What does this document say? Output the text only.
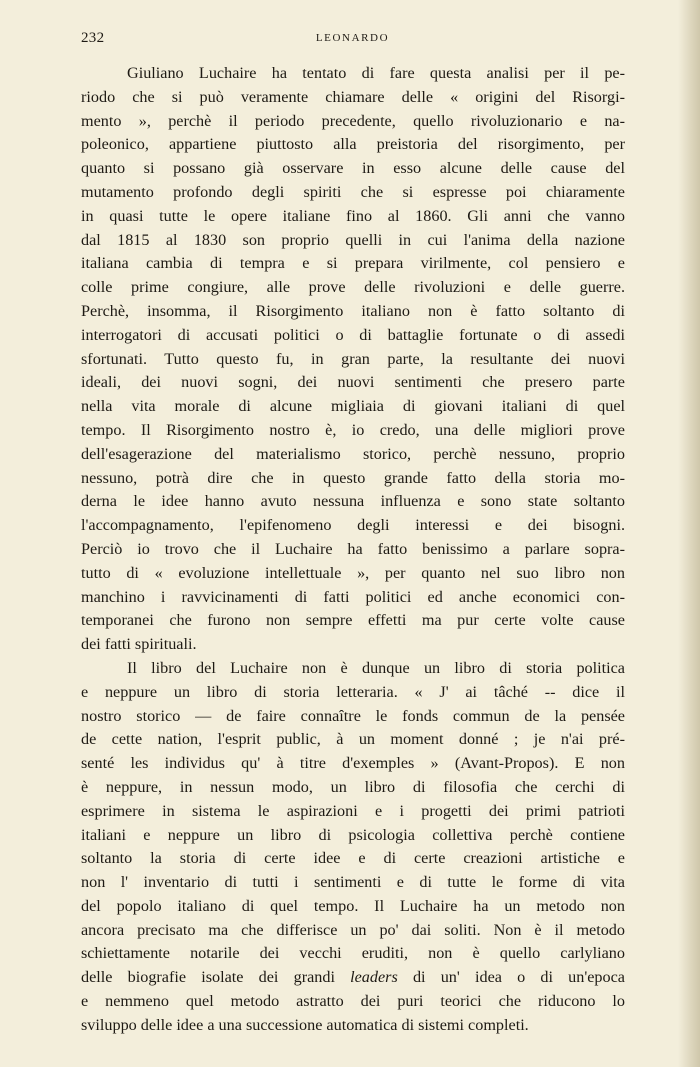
232	LEONARDO
Giuliano Luchaire ha tentato di fare questa analisi per il pe-
riodo che si può veramente chiamare delle « origini del Risorgi-
mento », perchè il periodo precedente, quello rivoluzionario e na-
poleonico, appartiene piuttosto alla preistoria del risorgimento, per
quanto si possano già osservare in esso alcune delle cause del
mutamento profondo degli spiriti che si espresse poi chiaramente
in quasi tutte le opere italiane fino al 1860. Gli anni che vanno
dal 1815 al 1830 son proprio quelli in cui l'anima della nazione
italiana cambia di tempra e si prepara virilmente, col pensiero e
colle prime congiure, alle prove delle rivoluzioni e delle guerre.
Perchè, insomma, il Risorgimento italiano non è fatto soltanto di
interrogatori di accusati politici o di battaglie fortunate o di assedi
sfortunati. Tutto questo fu, in gran parte, la resultante dei nuovi
ideali, dei nuovi sogni, dei nuovi sentimenti che presero parte
nella vita morale di alcune migliaia di giovani italiani di quel
tempo. Il Risorgimento nostro è, io credo, una delle migliori prove
dell'esagerazione del materialismo storico, perchè nessuno, proprio
nessuno, potrà dire che in questo grande fatto della storia mo-
derna le idee hanno avuto nessuna influenza e sono state soltanto
l'accompagnamento, l'epifenomeno degli interessi e dei bisogni.
Perciò io trovo che il Luchaire ha fatto benissimo a parlare sopra-
tutto di « evoluzione intellettuale », per quanto nel suo libro non
manchino i ravvicinamenti di fatti politici ed anche economici con-
temporanei che furono non sempre effetti ma pur certe volte cause
dei fatti spirituali.
Il libro del Luchaire non è dunque un libro di storia politica
e neppure un libro di storia letteraria. « J' ai tâché -- dice il
nostro storico — de faire connaître le fonds commun de la pensée
de cette nation, l'esprit public, à un moment donné ; je n'ai pré-
senté les individus qu' à titre d'exemples » (Avant-Propos). E non
è neppure, in nessun modo, un libro di filosofia che cerchi di
esprimere in sistema le aspirazioni e i progetti dei primi patrioti
italiani e neppure un libro di psicologia collettiva perchè contiene
soltanto la storia di certe idee e di certe creazioni artistiche e
non l' inventario di tutti i sentimenti e di tutte le forme di vita
del popolo italiano di quel tempo. Il Luchaire ha un metodo non
ancora precisato ma che differisce un po' dai soliti. Non è il metodo
schiettamente notarile dei vecchi eruditi, non è quello carlyliano
delle biografie isolate dei grandi leaders di un' idea o di un'epoca
e nemmeno quel metodo astratto dei puri teorici che riducono lo
sviluppo delle idee a una successione automatica di sistemi completi.
